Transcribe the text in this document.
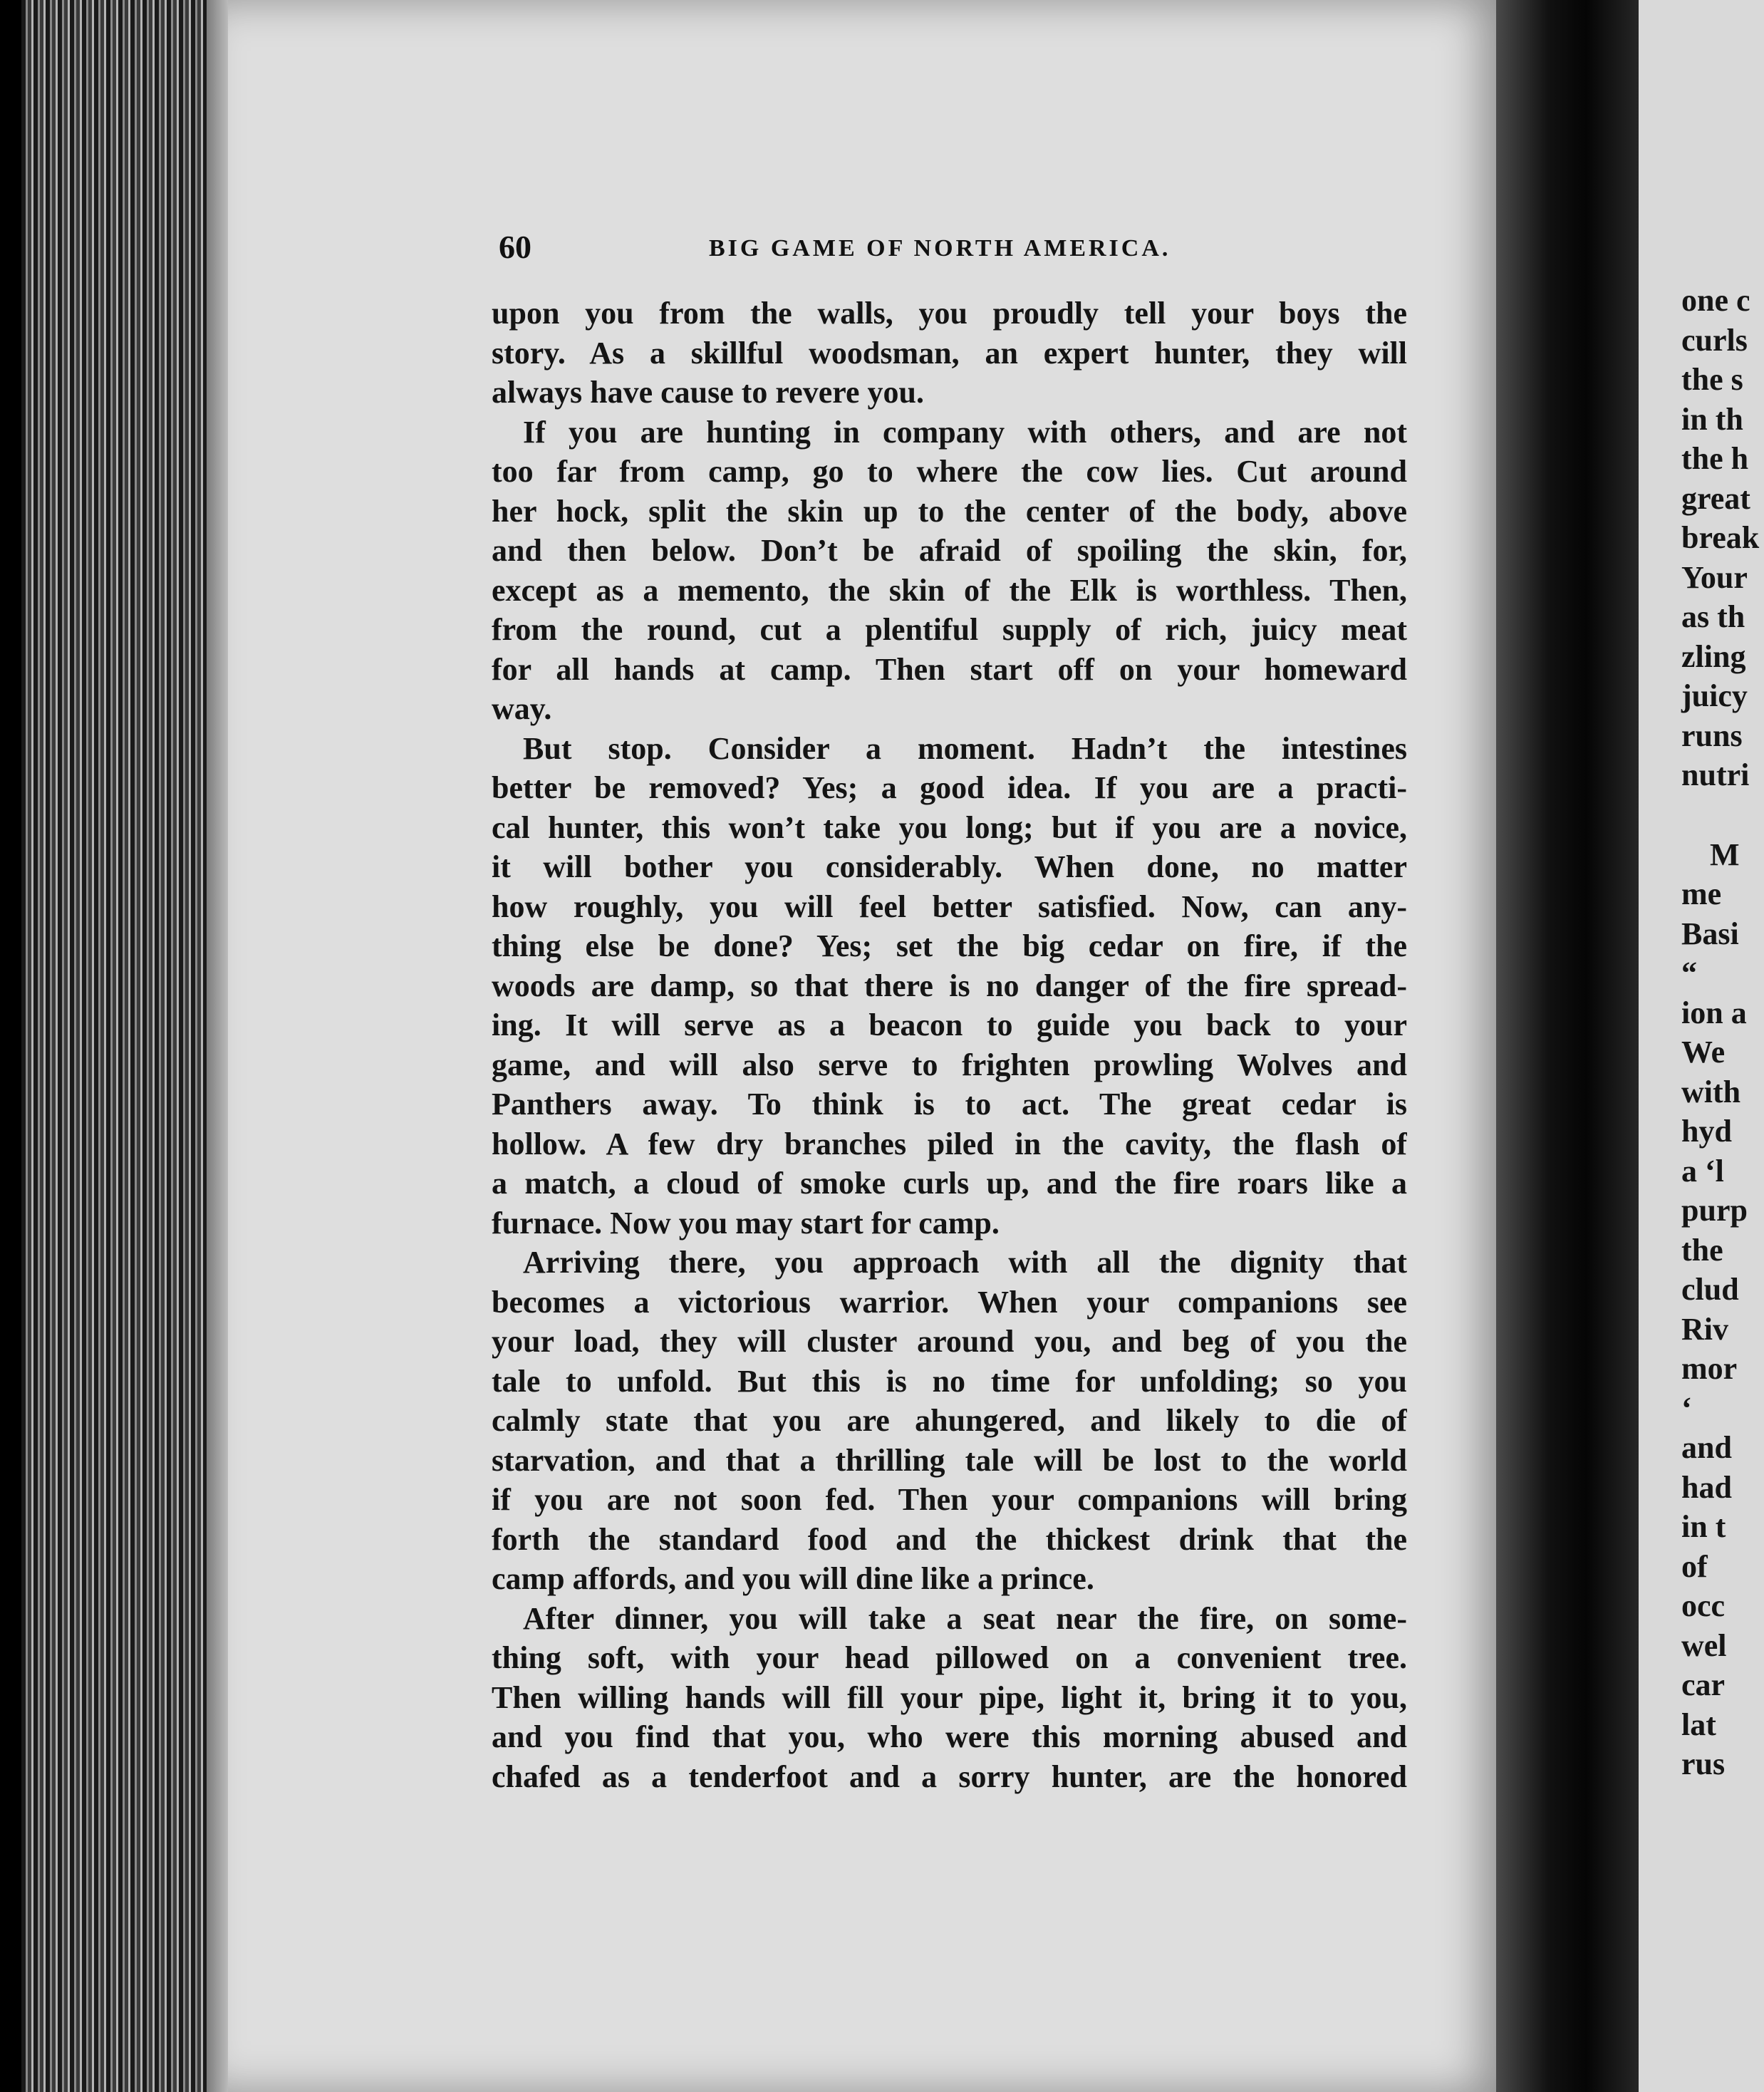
60	BIG GAME OF NORTH AMERICA.
upon you from the walls, you proudly tell your boys the
story. As a skillful woodsman, an expert hunter, they will
always have cause to revere you.
 If you are hunting in company with others, and are not
too far from camp, go to where the cow lies. Cut around
her hock, split the skin up to the center of the body, above
and then below. Don’t be afraid of spoiling the skin, for,
except as a memento, the skin of the Elk is worthless. Then,
from the round, cut a plentiful supply of rich, juicy meat
for all hands at camp. Then start off on your homeward
way.
 But stop. Consider a moment. Hadn’t the intestines
better be removed? Yes; a good idea. If you are a practi-
cal hunter, this won’t take you long; but if you are a novice,
it will bother you considerably. When done, no matter
how roughly, you will feel better satisfied. Now, can any-
thing else be done? Yes; set the big cedar on fire, if the
woods are damp, so that there is no danger of the fire spread-
ing. It will serve as a beacon to guide you back to your
game, and will also serve to frighten prowling Wolves and
Panthers away. To think is to act. The great cedar is
hollow. A few dry branches piled in the cavity, the flash of
a match, a cloud of smoke curls up, and the fire roars like a
furnace. Now you may start for camp.
 Arriving there, you approach with all the dignity that
becomes a victorious warrior. When your companions see
your load, they will cluster around you, and beg of you the
tale to unfold. But this is no time for unfolding; so you
calmly state that you are ahungered, and likely to die of
starvation, and that a thrilling tale will be lost to the world
if you are not soon fed. Then your companions will bring
forth the standard food and the thickest drink that the
camp affords, and you will dine like a prince.
 After dinner, you will take a seat near the fire, on some-
thing soft, with your head pillowed on a convenient tree.
Then willing hands will fill your pipe, light it, bring it to you,
and you find that you, who were this morning abused and
chafed as a tenderfoot and a sorry hunter, are the honored
one c
curls
the s
in th
the h
great
break
Your
as th
zling
juicy
runs
nutri
M
me
Basi
“
ion a
We
with
hyd
a ‘l
purp
the
clud
Riv
mor
‘
and
had
in t
of
occ
wel
car
lat
rus
